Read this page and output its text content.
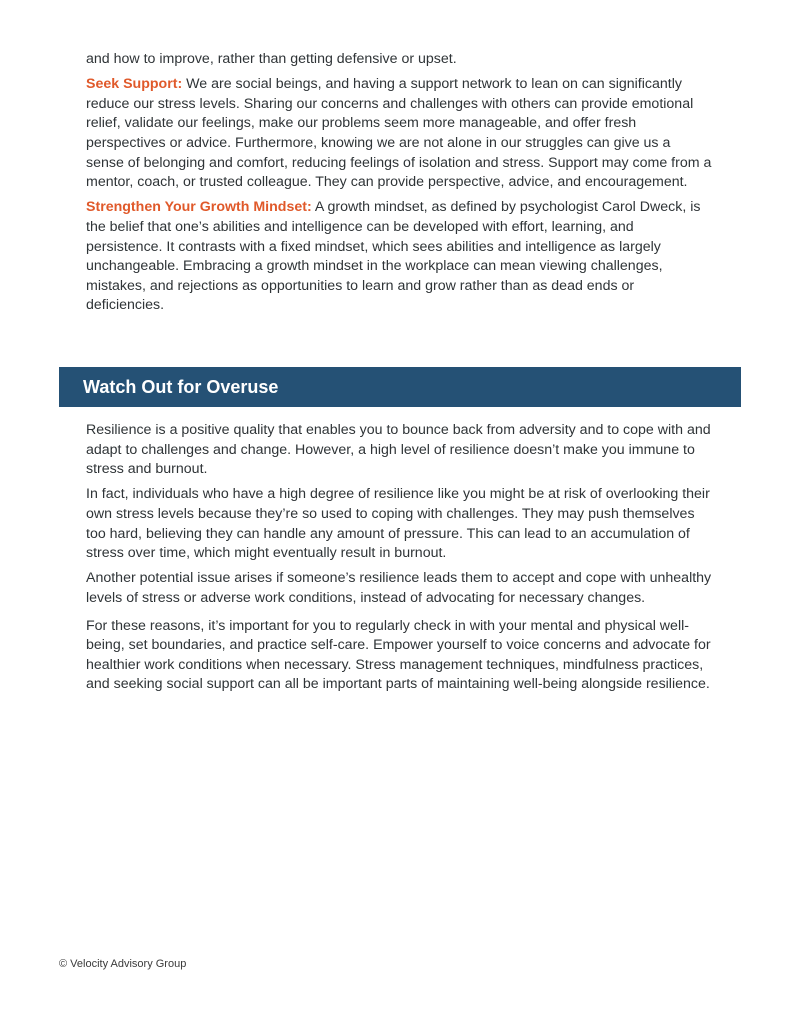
and how to improve, rather than getting defensive or upset.

Seek Support: We are social beings, and having a support network to lean on can significantly reduce our stress levels. Sharing our concerns and challenges with others can provide emotional relief, validate our feelings, make our problems seem more manageable, and offer fresh perspectives or advice. Furthermore, knowing we are not alone in our struggles can give us a sense of belonging and comfort, reducing feelings of isolation and stress. Support may come from a mentor, coach, or trusted colleague. They can provide perspective, advice, and encouragement.

Strengthen Your Growth Mindset: A growth mindset, as defined by psychologist Carol Dweck, is the belief that one’s abilities and intelligence can be developed with effort, learning, and persistence. It contrasts with a fixed mindset, which sees abilities and intelligence as largely unchangeable. Embracing a growth mindset in the workplace can mean viewing challenges, mistakes, and rejections as opportunities to learn and grow rather than as dead ends or deficiencies.

Watch Out for Overuse

Resilience is a positive quality that enables you to bounce back from adversity and to cope with and adapt to challenges and change. However, a high level of resilience doesn’t make you immune to stress and burnout.

In fact, individuals who have a high degree of resilience like you might be at risk of overlooking their own stress levels because they’re so used to coping with challenges. They may push themselves too hard, believing they can handle any amount of pressure. This can lead to an accumulation of stress over time, which might eventually result in burnout.

Another potential issue arises if someone’s resilience leads them to accept and cope with unhealthy levels of stress or adverse work conditions, instead of advocating for necessary changes.

For these reasons, it’s important for you to regularly check in with your mental and physical well-being, set boundaries, and practice self-care. Empower yourself to voice concerns and advocate for healthier work conditions when necessary. Stress management techniques, mindfulness practices, and seeking social support can all be important parts of maintaining well-being alongside resilience.

© Velocity Advisory Group
